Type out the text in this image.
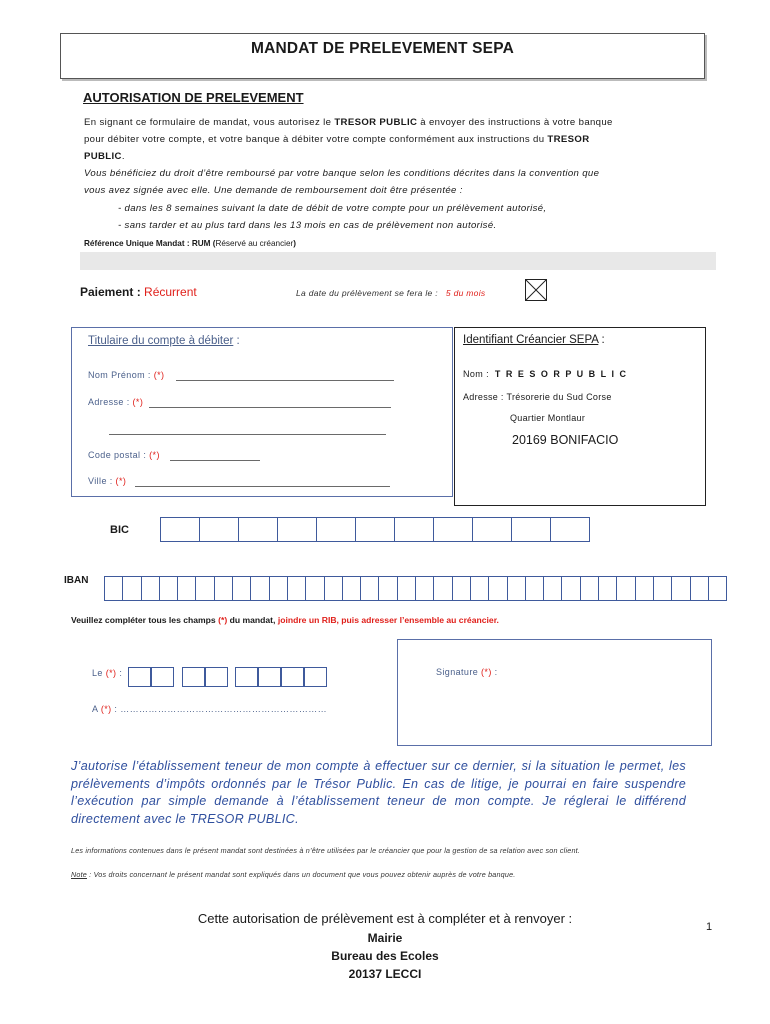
MANDAT DE PRELEVEMENT SEPA
AUTORISATION DE PRELEVEMENT
En signant ce formulaire de mandat, vous autorisez le TRESOR PUBLIC à envoyer des instructions à votre banque
pour débiter votre compte, et votre banque à débiter votre compte conformément aux instructions du TRESOR
PUBLIC.
Vous bénéficiez du droit d’être remboursé par votre banque selon les conditions décrites dans la convention que
vous avez signée avec elle. Une demande de remboursement doit être présentée :
- dans les 8 semaines suivant la date de débit de votre compte pour un prélèvement autorisé,
- sans tarder et au plus tard dans les 13 mois en cas de prélèvement non autorisé.
Référence Unique Mandat : RUM (Réservé au créancier)
Paiement : Récurrent	La date du prélèvement se fera le : 5 du mois
Titulaire du compte à débiter :
Nom Prénom : (*)
Adresse : (*)
Code postal : (*)
Ville : (*)
Identifiant Créancier SEPA :
Nom : T R E S O R P U B L I C
Adresse : Trésorerie du Sud Corse
Quartier Montlaur
20169 BONIFACIO
BIC
IBAN
Veuillez compléter tous les champs (*) du mandat, joindre un RIB, puis adresser l’ensemble au créancier.
Le (*) :
A (*) : …………………………………………………………
Signature (*) :
J’autorise l’établissement teneur de mon compte à effectuer sur ce dernier, si la situation le permet, les prélèvements d’impôts ordonnés par le Trésor Public. En cas de litige, je pourrai en faire suspendre l’exécution par simple demande à l’établissement teneur de mon compte. Je réglerai le différend directement avec le TRESOR PUBLIC.
Les informations contenues dans le présent mandat sont destinées à n’être utilisées par le créancier que pour la gestion de sa relation avec son client.
Note : Vos droits concernant le présent mandat sont expliqués dans un document que vous pouvez obtenir auprès de votre banque.
Cette autorisation de prélèvement est à compléter et à renvoyer :
Mairie
Bureau des Ecoles
20137 LECCI
1
